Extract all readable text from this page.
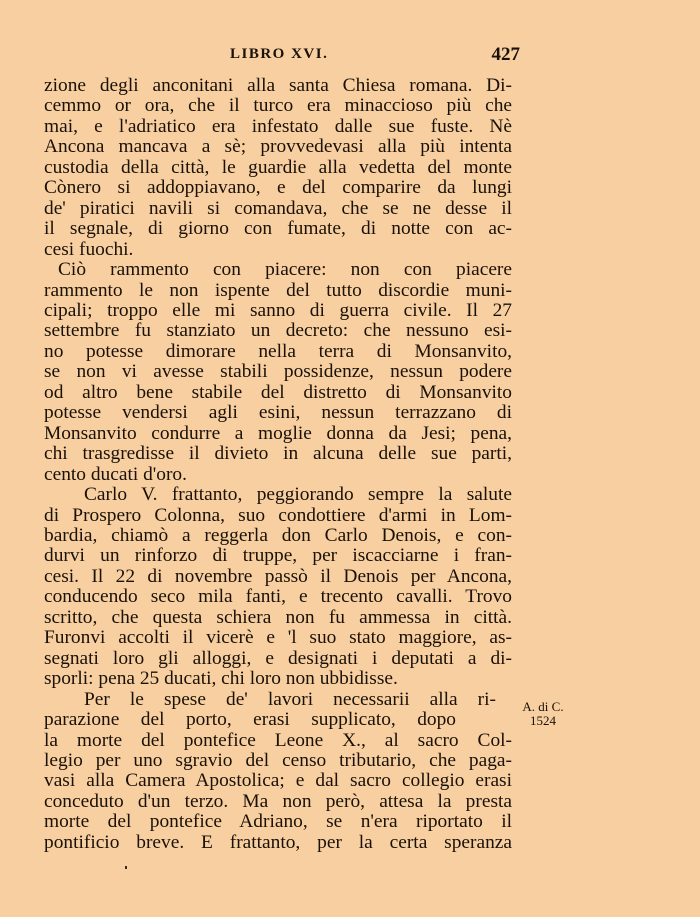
LIBRO XVI.	427
zione degli anconitani alla santa Chiesa romana. Di-
cemmo or ora, che il turco era minaccioso più che
mai, e l'adriatico era infestato dalle sue fuste. Nè
Ancona mancava a sè; provvedevasi alla più intenta
custodia della città, le guardie alla vedetta del monte
Cònero si addoppiavano, e del comparire da lungi
de' piratici navili si comandava, che se ne desse il
il segnale, di giorno con fumate, di notte con ac-
cesi fuochi.
Ciò rammento con piacere: non con piacere
rammento le non ispente del tutto discordie muni-
cipali; troppo elle mi sanno di guerra civile. Il 27
settembre fu stanziato un decreto: che nessuno esi-
no potesse dimorare nella terra di Monsanvito,
se non vi avesse stabili possidenze, nessun podere
od altro bene stabile del distretto di Monsanvito
potesse vendersi agli esini, nessun terrazzano di
Monsanvito condurre a moglie donna da Jesi; pena,
chi trasgredisse il divieto in alcuna delle sue parti,
cento ducati d'oro.
Carlo V. frattanto, peggiorando sempre la salute
di Prospero Colonna, suo condottiere d'armi in Lom-
bardia, chiamò a reggerla don Carlo Denois, e con-
durvi un rinforzo di truppe, per iscacciarne i fran-
cesi. Il 22 di novembre passò il Denois per Ancona,
conducendo seco mila fanti, e trecento cavalli. Trovo
scritto, che questa schiera non fu ammessa in città.
Furonvi accolti il vicerè e 'l suo stato maggiore, as-
segnati loro gli alloggi, e designati i deputati a di-
sporli: pena 25 ducati, chi loro non ubbidisse.
Per le spese de' lavori necessarii alla ri-
parazione del porto, erasi supplicato, dopo
la morte del pontefice Leone X., al sacro Col-
legio per uno sgravio del censo tributario, che paga-
vasi alla Camera Apostolica; e dal sacro collegio erasi
conceduto d'un terzo. Ma non però, attesa la presta
morte del pontefice Adriano, se n'era riportato il
pontificio breve. E frattanto, per la certa speranza
A. di C.
1524
